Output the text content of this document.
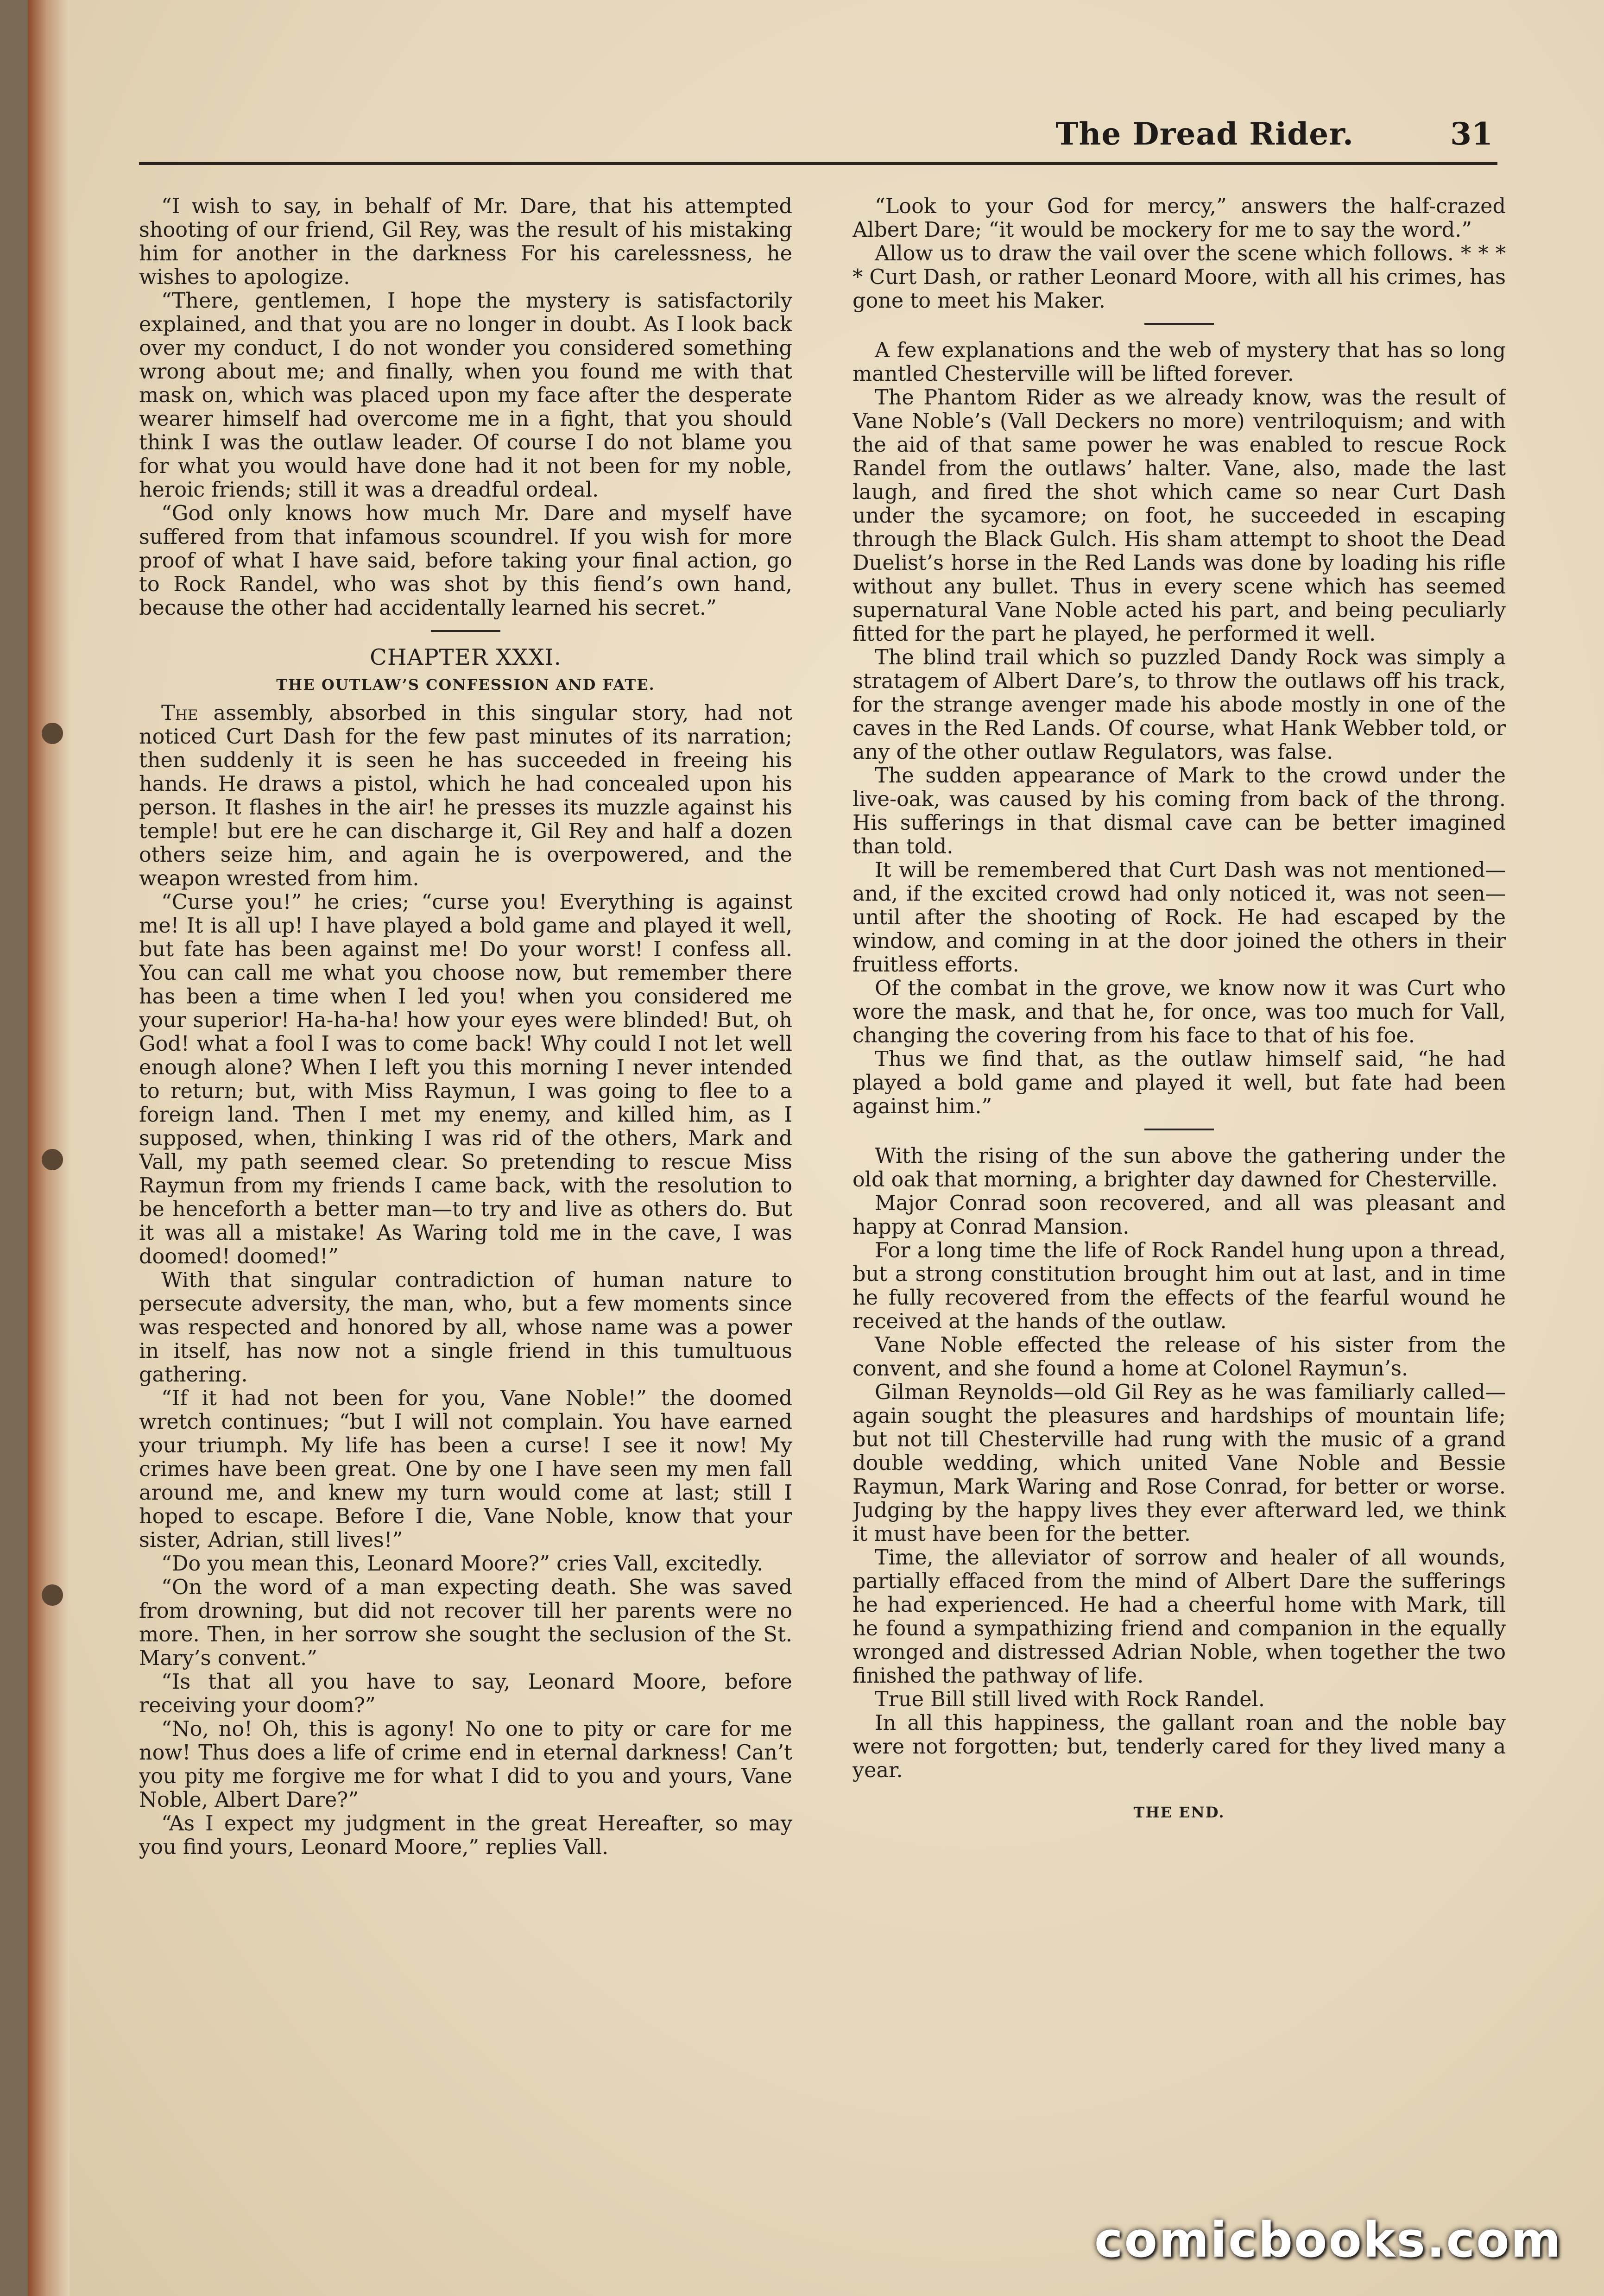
The Dread Rider.	31

“I wish to say, in behalf of Mr. Dare, that his attempted shooting of our friend, Gil Rey, was the result of his mistaking him for another in the darkness For his carelessness, he wishes to apologize.

“There, gentlemen, I hope the mystery is satisfactorily explained, and that you are no longer in doubt. As I look back over my conduct, I do not wonder you considered something wrong about me; and finally, when you found me with that mask on, which was placed upon my face after the desperate wearer himself had overcome me in a fight, that you should think I was the outlaw leader. Of course I do not blame you for what you would have done had it not been for my noble, heroic friends; still it was a dreadful ordeal.

“God only knows how much Mr. Dare and myself have suffered from that infamous scoundrel. If you wish for more proof of what I have said, before taking your final action, go to Rock Randel, who was shot by this fiend’s own hand, because the other had accidentally learned his secret.”

CHAPTER XXXI.
THE OUTLAW’S CONFESSION AND FATE.

The assembly, absorbed in this singular story, had not noticed Curt Dash for the few past minutes of its narration; then suddenly it is seen he has succeeded in freeing his hands. He draws a pistol, which he had concealed upon his person. It flashes in the air! he presses its muzzle against his temple! but ere he can discharge it, Gil Rey and half a dozen others seize him, and again he is overpowered, and the weapon wrested from him.

“Curse you!” he cries; “curse you! Everything is against me! It is all up! I have played a bold game and played it well, but fate has been against me! Do your worst! I confess all. You can call me what you choose now, but remember there has been a time when I led you! when you considered me your superior! Ha-ha-ha! how your eyes were blinded! But, oh God! what a fool I was to come back! Why could I not let well enough alone? When I left you this morning I never intended to return; but, with Miss Raymun, I was going to flee to a foreign land. Then I met my enemy, and killed him, as I supposed, when, thinking I was rid of the others, Mark and Vall, my path seemed clear. So pretending to rescue Miss Raymun from my friends I came back, with the resolution to be henceforth a better man—to try and live as others do. But it was all a mistake! As Waring told me in the cave, I was doomed! doomed!”

With that singular contradiction of human nature to persecute adversity, the man, who, but a few moments since was respected and honored by all, whose name was a power in itself, has now not a single friend in this tumultuous gathering.

“If it had not been for you, Vane Noble!” the doomed wretch continues; “but I will not complain. You have earned your triumph. My life has been a curse! I see it now! My crimes have been great. One by one I have seen my men fall around me, and knew my turn would come at last; still I hoped to escape. Before I die, Vane Noble, know that your sister, Adrian, still lives!”

“Do you mean this, Leonard Moore?” cries Vall, excitedly.

“On the word of a man expecting death. She was saved from drowning, but did not recover till her parents were no more. Then, in her sorrow she sought the seclusion of the St. Mary’s convent.”

“Is that all you have to say, Leonard Moore, before receiving your doom?”

“No, no! Oh, this is agony! No one to pity or care for me now! Thus does a life of crime end in eternal darkness! Can’t you pity me forgive me for what I did to you and yours, Vane Noble, Albert Dare?”

“As I expect my judgment in the great Hereafter, so may you find yours, Leonard Moore,” replies Vall.

“Look to your God for mercy,” answers the half-crazed Albert Dare; “it would be mockery for me to say the word.”

Allow us to draw the vail over the scene which follows. * * * * Curt Dash, or rather Leonard Moore, with all his crimes, has gone to meet his Maker.

A few explanations and the web of mystery that has so long mantled Chesterville will be lifted forever.

The Phantom Rider as we already know, was the result of Vane Noble’s (Vall Deckers no more) ventriloquism; and with the aid of that same power he was enabled to rescue Rock Randel from the outlaws’ halter. Vane, also, made the last laugh, and fired the shot which came so near Curt Dash under the sycamore; on foot, he succeeded in escaping through the Black Gulch. His sham attempt to shoot the Dead Duelist’s horse in the Red Lands was done by loading his rifle without any bullet. Thus in every scene which has seemed supernatural Vane Noble acted his part, and being peculiarly fitted for the part he played, he performed it well.

The blind trail which so puzzled Dandy Rock was simply a stratagem of Albert Dare’s, to throw the outlaws off his track, for the strange avenger made his abode mostly in one of the caves in the Red Lands. Of course, what Hank Webber told, or any of the other outlaw Regulators, was false.

The sudden appearance of Mark to the crowd under the live-oak, was caused by his coming from back of the throng. His sufferings in that dismal cave can be better imagined than told.

It will be remembered that Curt Dash was not mentioned—and, if the excited crowd had only noticed it, was not seen—until after the shooting of Rock. He had escaped by the window, and coming in at the door joined the others in their fruitless efforts.

Of the combat in the grove, we know now it was Curt who wore the mask, and that he, for once, was too much for Vall, changing the covering from his face to that of his foe.

Thus we find that, as the outlaw himself said, “he had played a bold game and played it well, but fate had been against him.”

With the rising of the sun above the gathering under the old oak that morning, a brighter day dawned for Chesterville.

Major Conrad soon recovered, and all was pleasant and happy at Conrad Mansion.

For a long time the life of Rock Randel hung upon a thread, but a strong constitution brought him out at last, and in time he fully recovered from the effects of the fearful wound he received at the hands of the outlaw.

Vane Noble effected the release of his sister from the convent, and she found a home at Colonel Raymun’s.

Gilman Reynolds—old Gil Rey as he was familiarly called—again sought the pleasures and hardships of mountain life; but not till Chesterville had rung with the music of a grand double wedding, which united Vane Noble and Bessie Raymun, Mark Waring and Rose Conrad, for better or worse. Judging by the happy lives they ever afterward led, we think it must have been for the better.

Time, the alleviator of sorrow and healer of all wounds, partially effaced from the mind of Albert Dare the sufferings he had experienced. He had a cheerful home with Mark, till he found a sympathizing friend and companion in the equally wronged and distressed Adrian Noble, when together the two finished the pathway of life.

True Bill still lived with Rock Randel.

In all this happiness, the gallant roan and the noble bay were not forgotten; but, tenderly cared for they lived many a year.

THE END.
comicbooks.com
